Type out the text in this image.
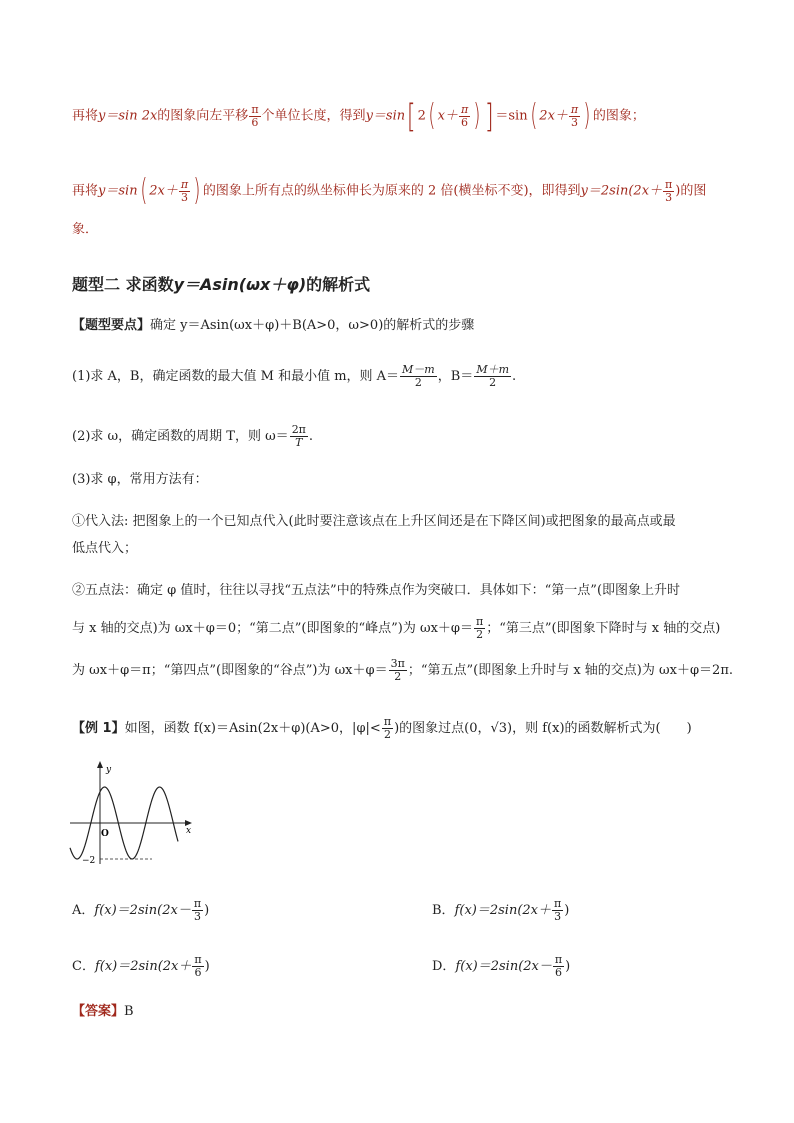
再将y＝sin 2x的图象向左平移 $\frac{\pi}{6}$ 个单位长度，得到y＝sin[ 2( $x+ \frac{\pi}{6}$ ) ] ＝sin( $2x+ \frac{\pi}{3}$ ) 的图象；
再将y＝sin( $2x+ \frac{\pi}{3}$ ) 的图象上所有点的纵坐标伸长为原来的 2 倍(横坐标不变)，即得到$y=2\sin(2x+ \frac{\pi}{3}$ )的图
象．
题型二 求函数y＝Asin(ωx＋φ)的解析式
【题型要点】确定 y＝Asin(ωx＋φ)＋B(A>0，ω>0)的解析式的步骤
(1)求 A，B，确定函数的最大值 M 和最小值 m，则 $A= \frac{M-m}{2}$ ，$B= \frac{M+m}{2}$ .
(2)求 ω，确定函数的周期 T，则 $\omega= \frac{2\pi}{T}$ .
(3)求 φ，常用方法有：
①代入法: 把图象上的一个已知点代入(此时要注意该点在上升区间还是在下降区间)或把图象的最高点或最
低点代入；
②五点法：确定 φ 值时，往往以寻找“五点法”中的特殊点作为突破口．具体如下：“第一点”(即图象上升时
与 x 轴的交点)为 ωx＋φ＝0；“第二点”(即图象的“峰点”)为 $\omega x+\varphi= \frac{\pi}{2}$ ；“第三点”(即图象下降时与 x 轴的交点)
为 ωx＋φ＝π；“第四点”(即图象的“谷点”)为 $\omega x+\varphi= \frac{3\pi}{2}$ ；“第五点”(即图象上升时与 x 轴的交点)为 ωx＋φ＝2π.
【例 1】如图，函数 f(x)＝Asin(2x＋φ)(A>0，$|\varphi|< \frac{\pi}{2}$ )的图象过点(0，√3)，则 f(x)的函数解析式为(　　)
y
x
O
−2
A．$f(x)=2\sin(2x- \frac{\pi}{3}$ )	B．$f(x)=2\sin(2x+ \frac{\pi}{3}$ )
C．$f(x)=2\sin(2x+ \frac{\pi}{6}$ )	D．$f(x)=2\sin(2x- \frac{\pi}{6}$ )
【答案】B
